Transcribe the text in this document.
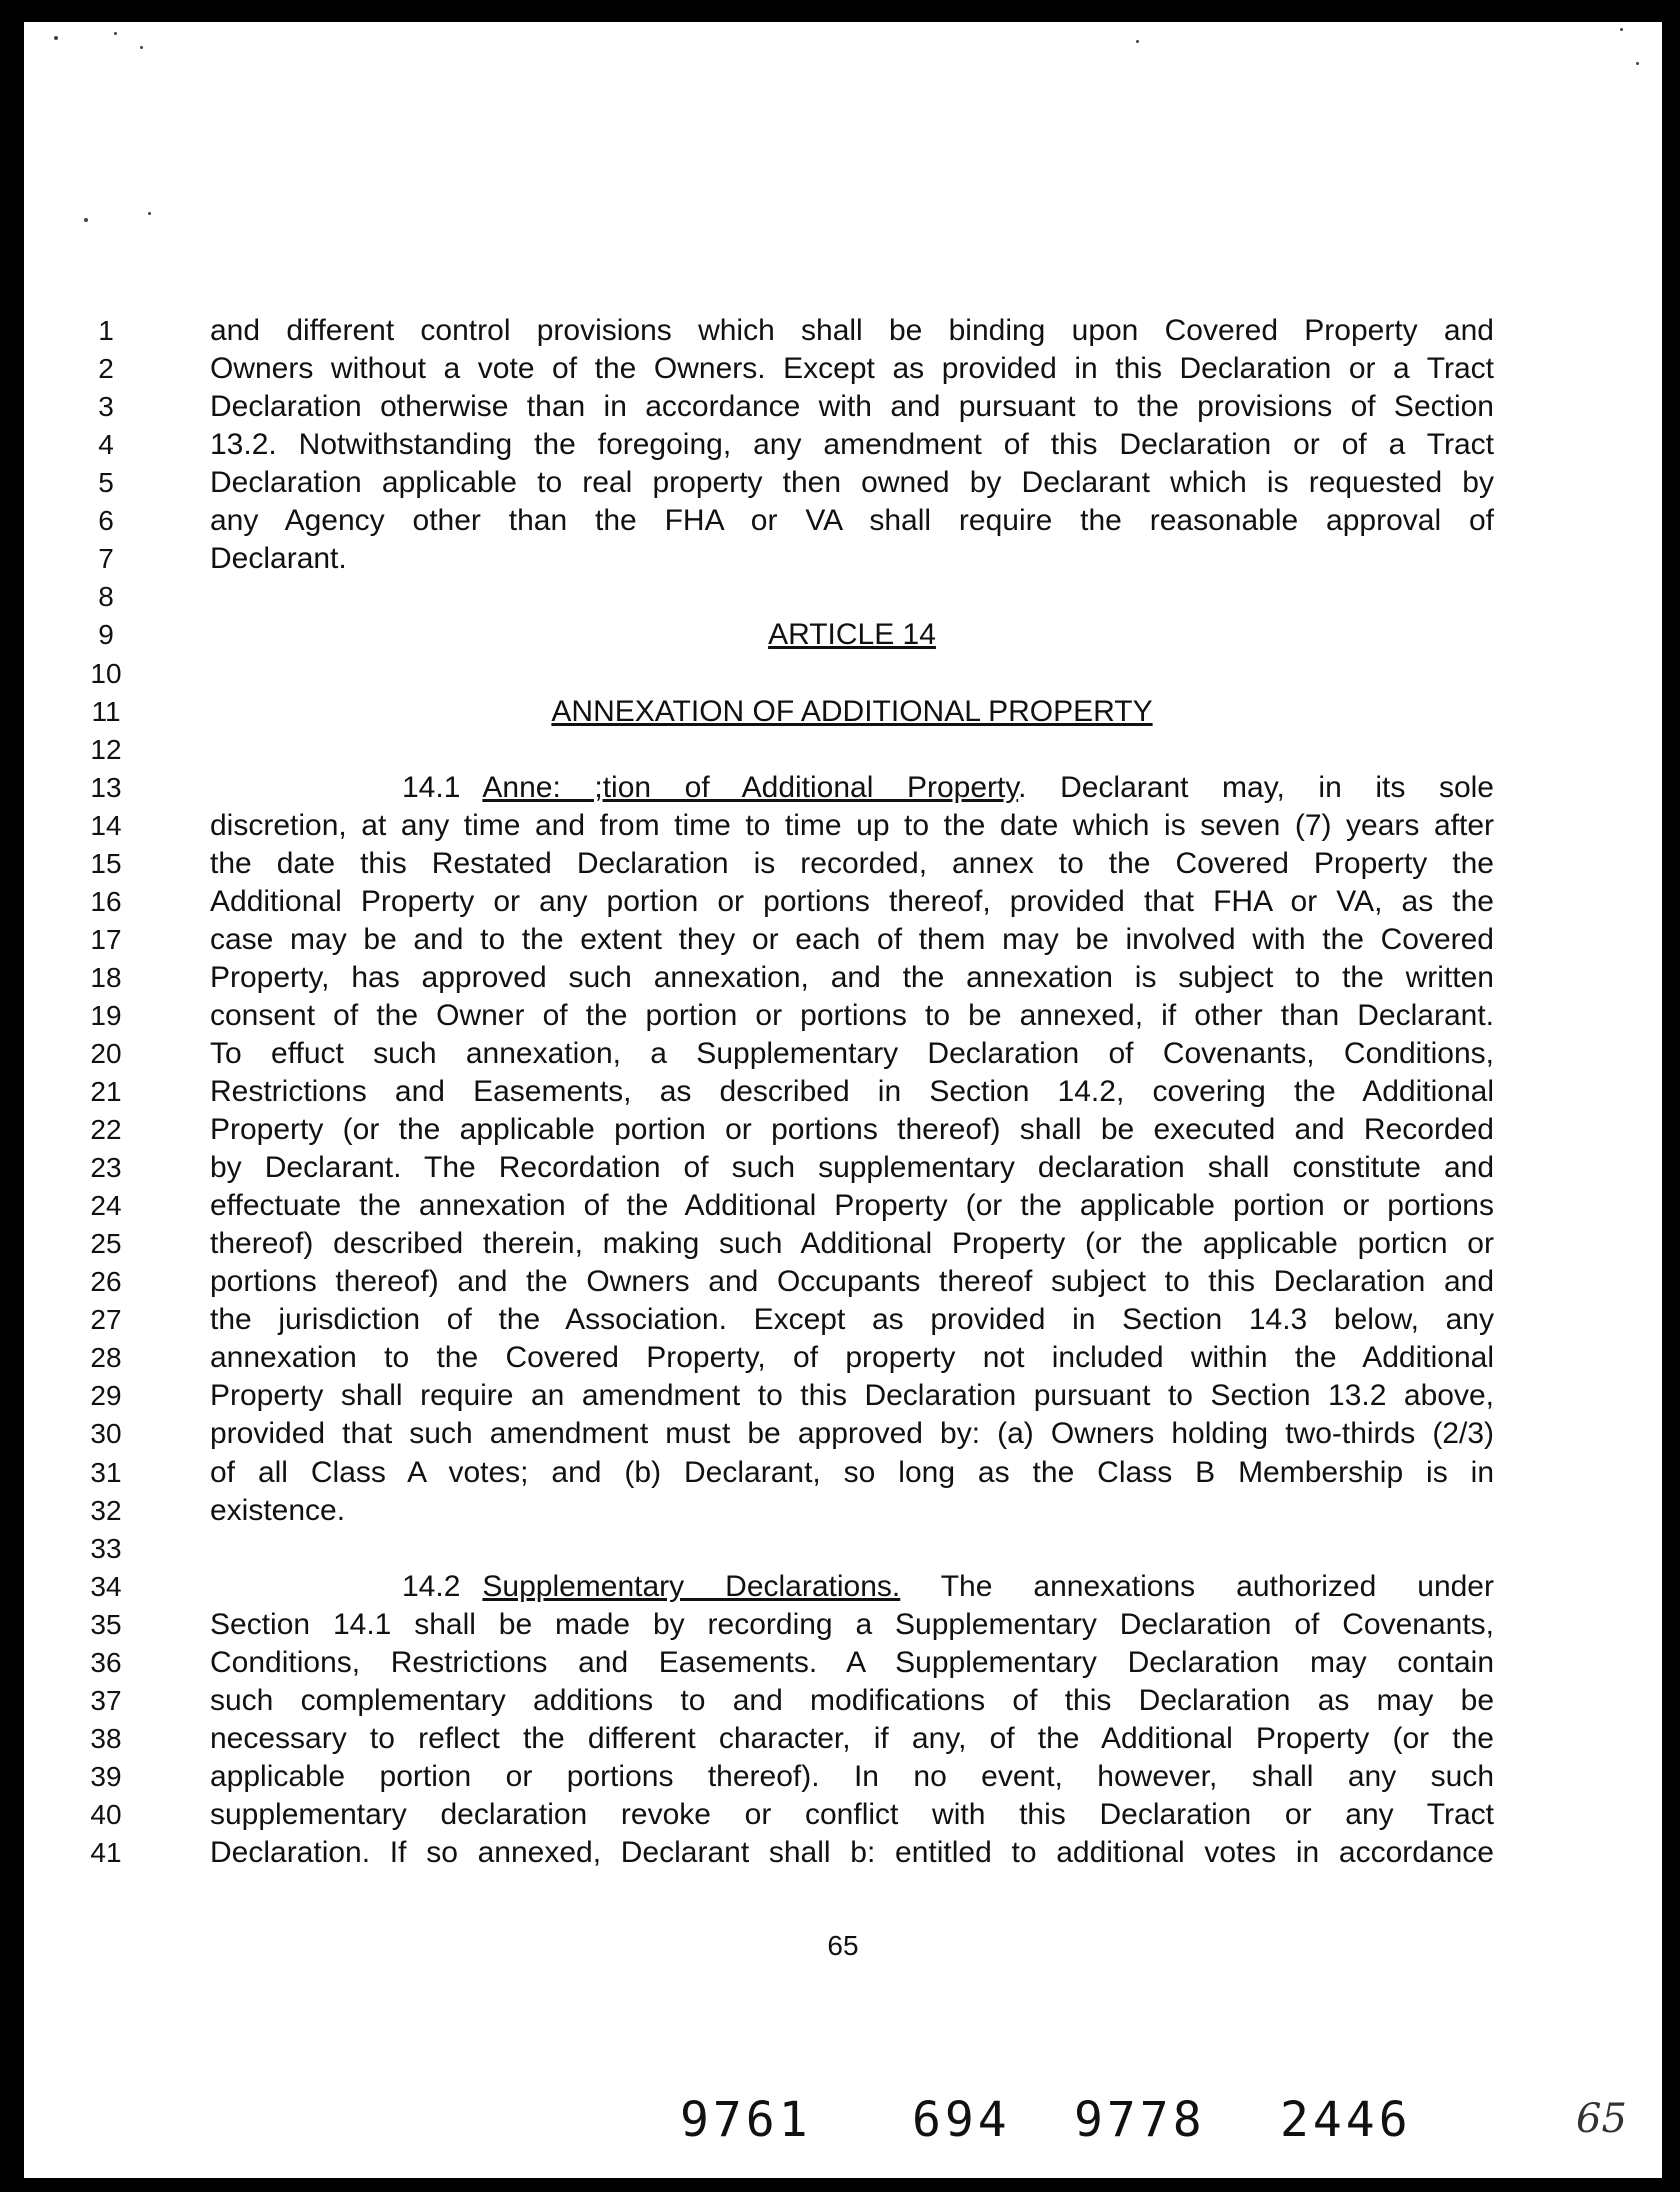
1	and different control provisions which shall be binding upon Covered Property and
2	Owners without a vote of the Owners. Except as provided in this Declaration or a Tract
3	Declaration otherwise than in accordance with and pursuant to the provisions of Section
4	13.2. Notwithstanding the foregoing, any amendment of this Declaration or of a Tract
5	Declaration applicable to real property then owned by Declarant which is requested by
6	any Agency other than the FHA or VA shall require the reasonable approval of
7	Declarant.
8
9	ARTICLE 14
10
11	ANNEXATION OF ADDITIONAL PROPERTY
12
13	14.1 Anne: ;tion of Additional Property. Declarant may, in its sole
14	discretion, at any time and from time to time up to the date which is seven (7) years after
15	the date this Restated Declaration is recorded, annex to the Covered Property the
16	Additional Property or any portion or portions thereof, provided that FHA or VA, as the
17	case may be and to the extent they or each of them may be involved with the Covered
18	Property, has approved such annexation, and the annexation is subject to the written
19	consent of the Owner of the portion or portions to be annexed, if other than Declarant.
20	To effuct such annexation, a Supplementary Declaration of Covenants, Conditions,
21	Restrictions and Easements, as described in Section 14.2, covering the Additional
22	Property (or the applicable portion or portions thereof) shall be executed and Recorded
23	by Declarant. The Recordation of such supplementary declaration shall constitute and
24	effectuate the annexation of the Additional Property (or the applicable portion or portions
25	thereof) described therein, making such Additional Property (or the applicable porticn or
26	portions thereof) and the Owners and Occupants thereof subject to this Declaration and
27	the jurisdiction of the Association. Except as provided in Section 14.3 below, any
28	annexation to the Covered Property, of property not included within the Additional
29	Property shall require an amendment to this Declaration pursuant to Section 13.2 above,
30	provided that such amendment must be approved by: (a) Owners holding two-thirds (2/3)
31	of all Class A votes; and (b) Declarant, so long as the Class B Membership is in
32	existence.
33
34	14.2 Supplementary Declarations. The annexations authorized under
35	Section 14.1 shall be made by recording a Supplementary Declaration of Covenants,
36	Conditions, Restrictions and Easements. A Supplementary Declaration may contain
37	such complementary additions to and modifications of this Declaration as may be
38	necessary to reflect the different character, if any, of the Additional Property (or the
39	applicable portion or portions thereof). In no event, however, shall any such
40	supplementary declaration revoke or conflict with this Declaration or any Tract
41	Declaration. If so annexed, Declarant shall b: entitled to additional votes in accordance
65
9761 694 9778 2446	65
